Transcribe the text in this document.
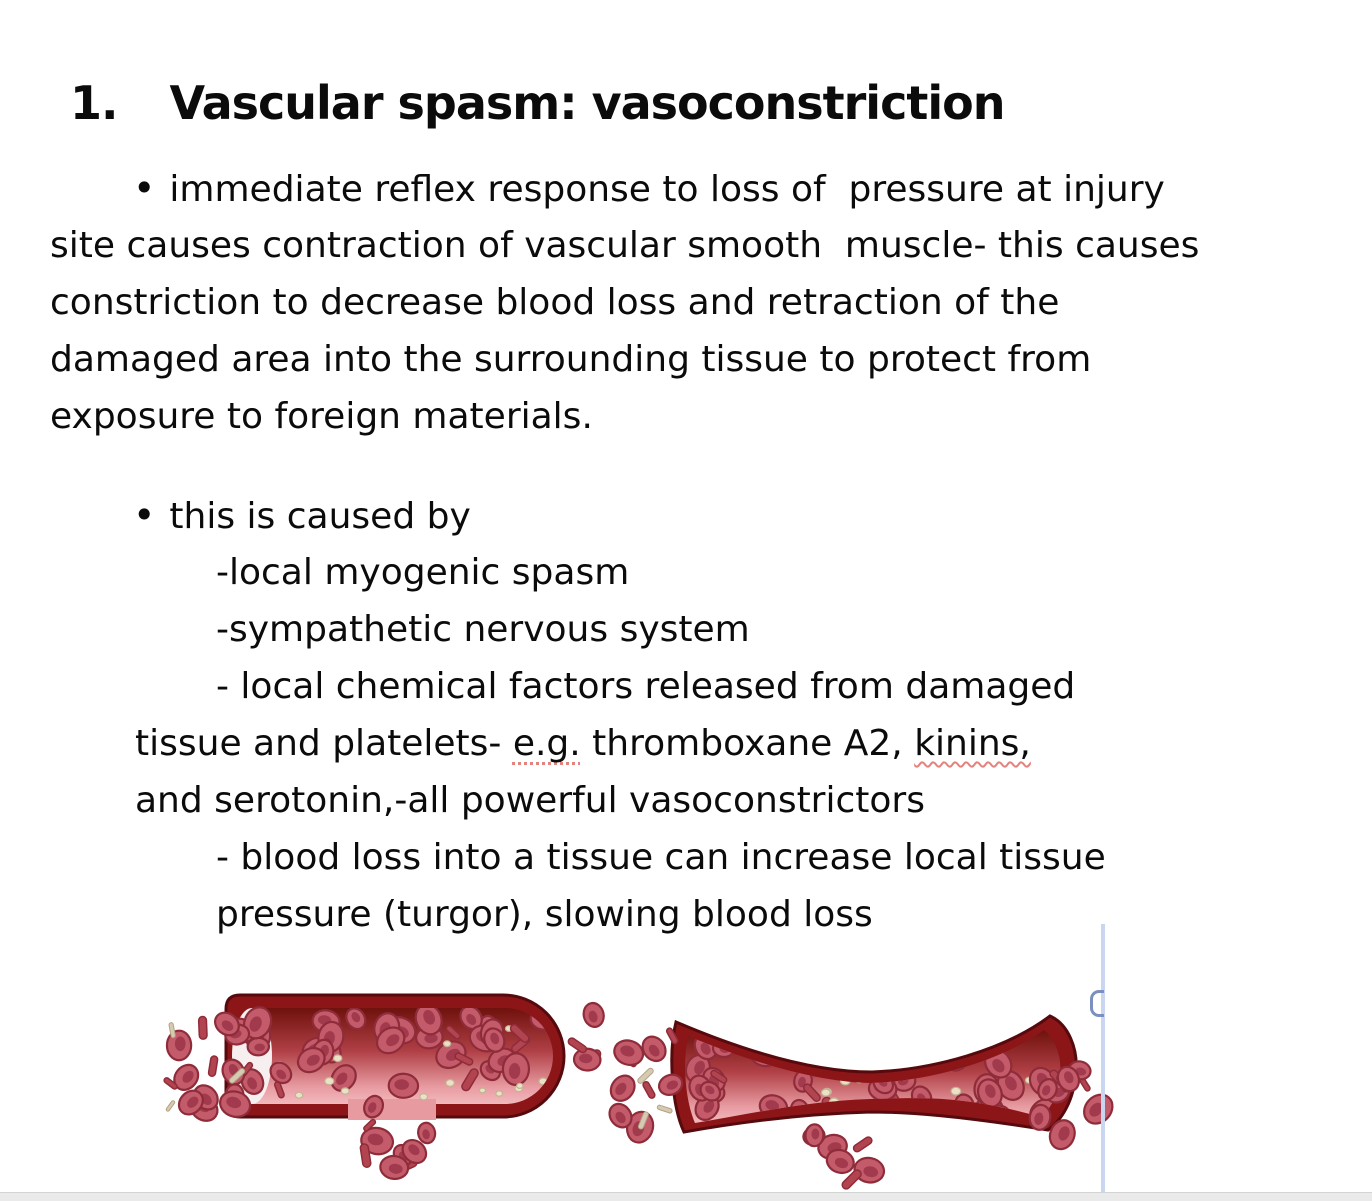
1. Vascular spasm: vasoconstriction

• immediate reflex response to loss of  pressure at injury
site causes contraction of vascular smooth  muscle- this causes
constriction to decrease blood loss and retraction of the
damaged area into the surrounding tissue to protect from
exposure to foreign materials.
• this is caused by
-local myogenic spasm
-sympathetic nervous system
- local chemical factors released from damaged
tissue and platelets- e.g. thromboxane A2, kinins,
and serotonin,-all powerful vasoconstrictors
- blood loss into a tissue can increase local tissue
pressure (turgor), slowing blood loss
